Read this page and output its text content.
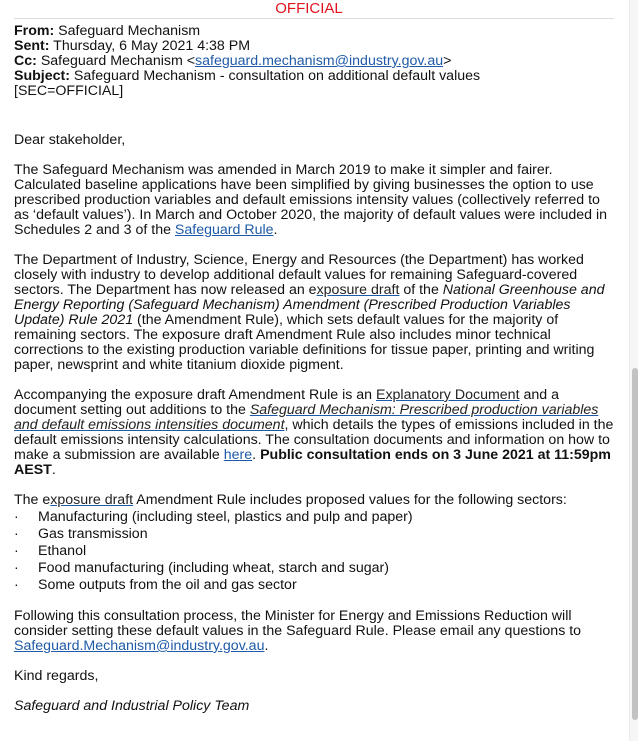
OFFICIAL
From: Safeguard Mechanism
Sent: Thursday, 6 May 2021 4:38 PM
Cc: Safeguard Mechanism <safeguard.mechanism@industry.gov.au>
Subject: Safeguard Mechanism - consultation on additional default values
[SEC=OFFICIAL]

Dear stakeholder,

The Safeguard Mechanism was amended in March 2019 to make it simpler and fairer. Calculated baseline applications have been simplified by giving businesses the option to use prescribed production variables and default emissions intensity values (collectively referred to as ‘default values’). In March and October 2020, the majority of default values were included in Schedules 2 and 3 of the Safeguard Rule.

The Department of Industry, Science, Energy and Resources (the Department) has worked closely with industry to develop additional default values for remaining Safeguard-covered sectors. The Department has now released an exposure draft of the National Greenhouse and Energy Reporting (Safeguard Mechanism) Amendment (Prescribed Production Variables Update) Rule 2021 (the Amendment Rule), which sets default values for the majority of remaining sectors. The exposure draft Amendment Rule also includes minor technical corrections to the existing production variable definitions for tissue paper, printing and writing paper, newsprint and white titanium dioxide pigment.

Accompanying the exposure draft Amendment Rule is an Explanatory Document and a document setting out additions to the Safeguard Mechanism: Prescribed production variables and default emissions intensities document, which details the types of emissions included in the default emissions intensity calculations. The consultation documents and information on how to make a submission are available here. Public consultation ends on 3 June 2021 at 11:59pm AEST.

The exposure draft Amendment Rule includes proposed values for the following sectors:

· Manufacturing (including steel, plastics and pulp and paper)
· Gas transmission
· Ethanol
· Food manufacturing (including wheat, starch and sugar)
· Some outputs from the oil and gas sector

Following this consultation process, the Minister for Energy and Emissions Reduction will consider setting these default values in the Safeguard Rule. Please email any questions to Safeguard.Mechanism@industry.gov.au.

Kind regards,

Safeguard and Industrial Policy Team
